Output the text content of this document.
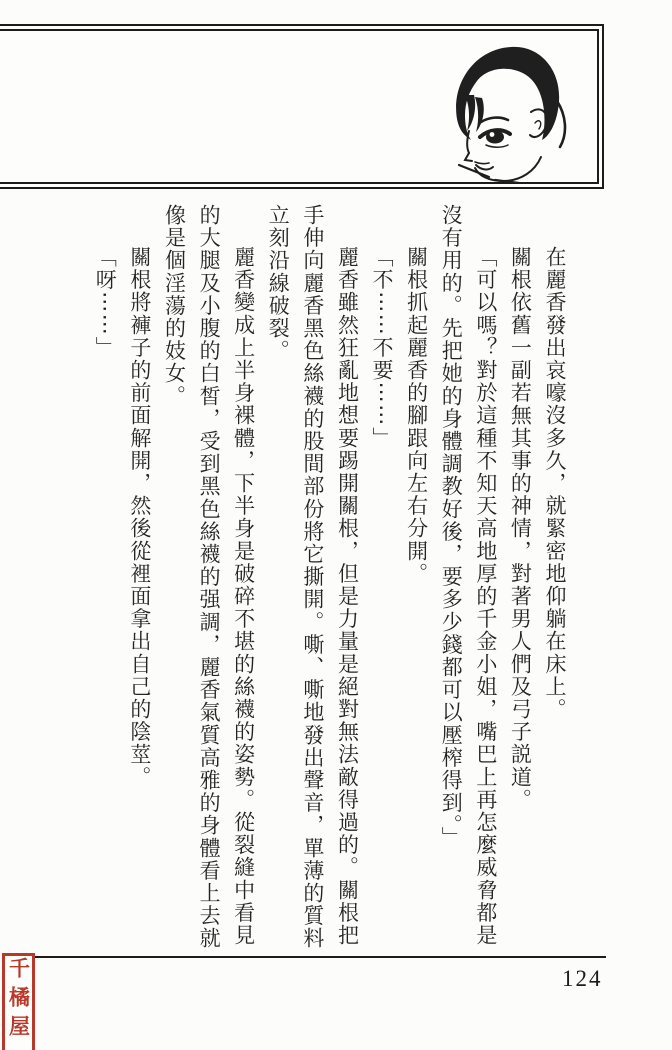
在麗香發出哀嚎沒多久，就緊密地仰躺在床上。
關根依舊一副若無其事的神情，對著男人們及弓子説道。
「可以嗎？對於這種不知天高地厚的千金小姐，嘴巴上再怎麼威脅都是
沒有用的。先把她的身體調教好後，要多少錢都可以壓榨得到。」
關根抓起麗香的腳跟向左右分開。
「不⋯⋯不要⋯⋯」
麗香雖然狂亂地想要踢開關根，但是力量是絕對無法敵得過的。關根把
手伸向麗香黑色絲襪的股間部份將它撕開。嘶、嘶地發出聲音，單薄的質料
立刻沿線破裂。
麗香變成上半身裸體，下半身是破碎不堪的絲襪的姿勢。從裂縫中看見
的大腿及小腹的白皙，受到黑色絲襪的强調，麗香氣質高雅的身體看上去就
像是個淫蕩的妓女。
關根將褲子的前面解開，然後從裡面拿出自己的陰莖。
「呀⋯⋯」
124
千橘屋
